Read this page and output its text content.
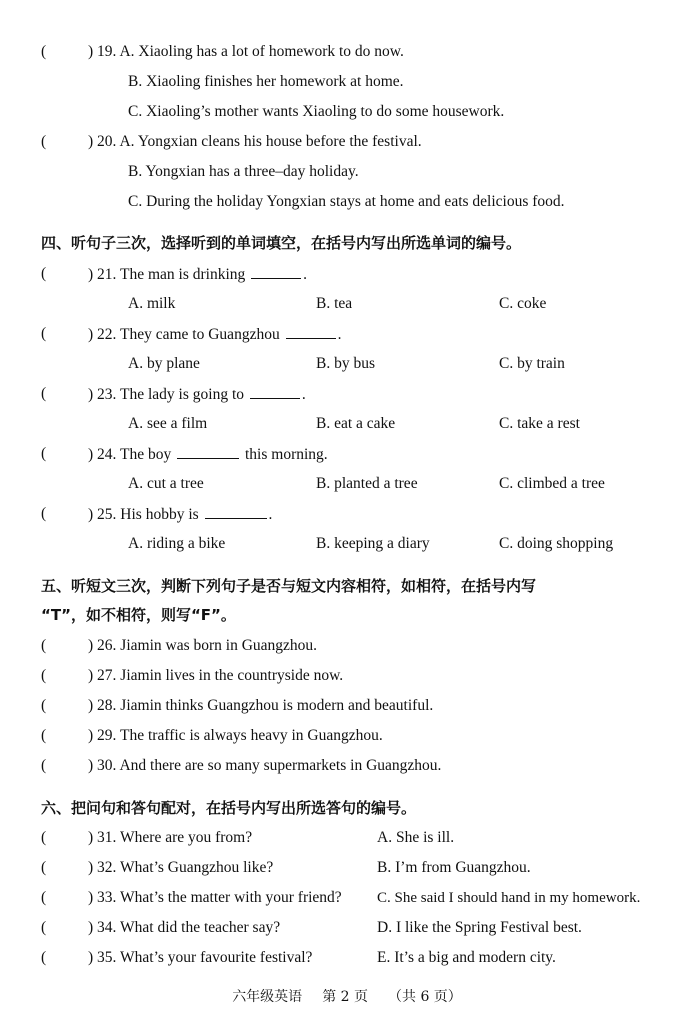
(	) 19. A. Xiaoling has a lot of homework to do now.
B. Xiaoling finishes her homework at home.
C. Xiaoling’s mother wants Xiaoling to do some housework.
(	) 20. A. Yongxian cleans his house before the festival.
B. Yongxian has a three–day holiday.
C. During the holiday Yongxian stays at home and eats delicious food.
四、听句子三次，选择听到的单词填空，在括号内写出所选单词的编号。
(	) 21. The man is drinking	.
A. milk	B. tea	C. coke
(	) 22. They came to Guangzhou	.
A. by plane	B. by bus	C. by train
(	) 23. The lady is going to	.
A. see a film	B. eat a cake	C. take a rest
(	) 24. The boy	this morning.
A. cut a tree	B. planted a tree	C. climbed a tree
(	) 25. His hobby is	.
A. riding a bike	B. keeping a diary	C. doing shopping
五、听短文三次，判断下列句子是否与短文内容相符，如相符，在括号内写
“T”，如不相符，则写“F”。
(	) 26. Jiamin was born in Guangzhou.
(	) 27. Jiamin lives in the countryside now.
(	) 28. Jiamin thinks Guangzhou is modern and beautiful.
(	) 29. The traffic is always heavy in Guangzhou.
(	) 30. And there are so many supermarkets in Guangzhou.
六、把问句和答句配对，在括号内写出所选答句的编号。
(	) 31. Where are you from?	A. She is ill.
(	) 32. What’s Guangzhou like?	B. I’m from Guangzhou.
(	) 33. What’s the matter with your friend? C. She said I should hand in my homework.
(	) 34. What did the teacher say?	D. I like the Spring Festival best.
(	) 35. What’s your favourite festival?	E. It’s a big and modern city.
六年级英语 第 2 页 （共 6 页）
